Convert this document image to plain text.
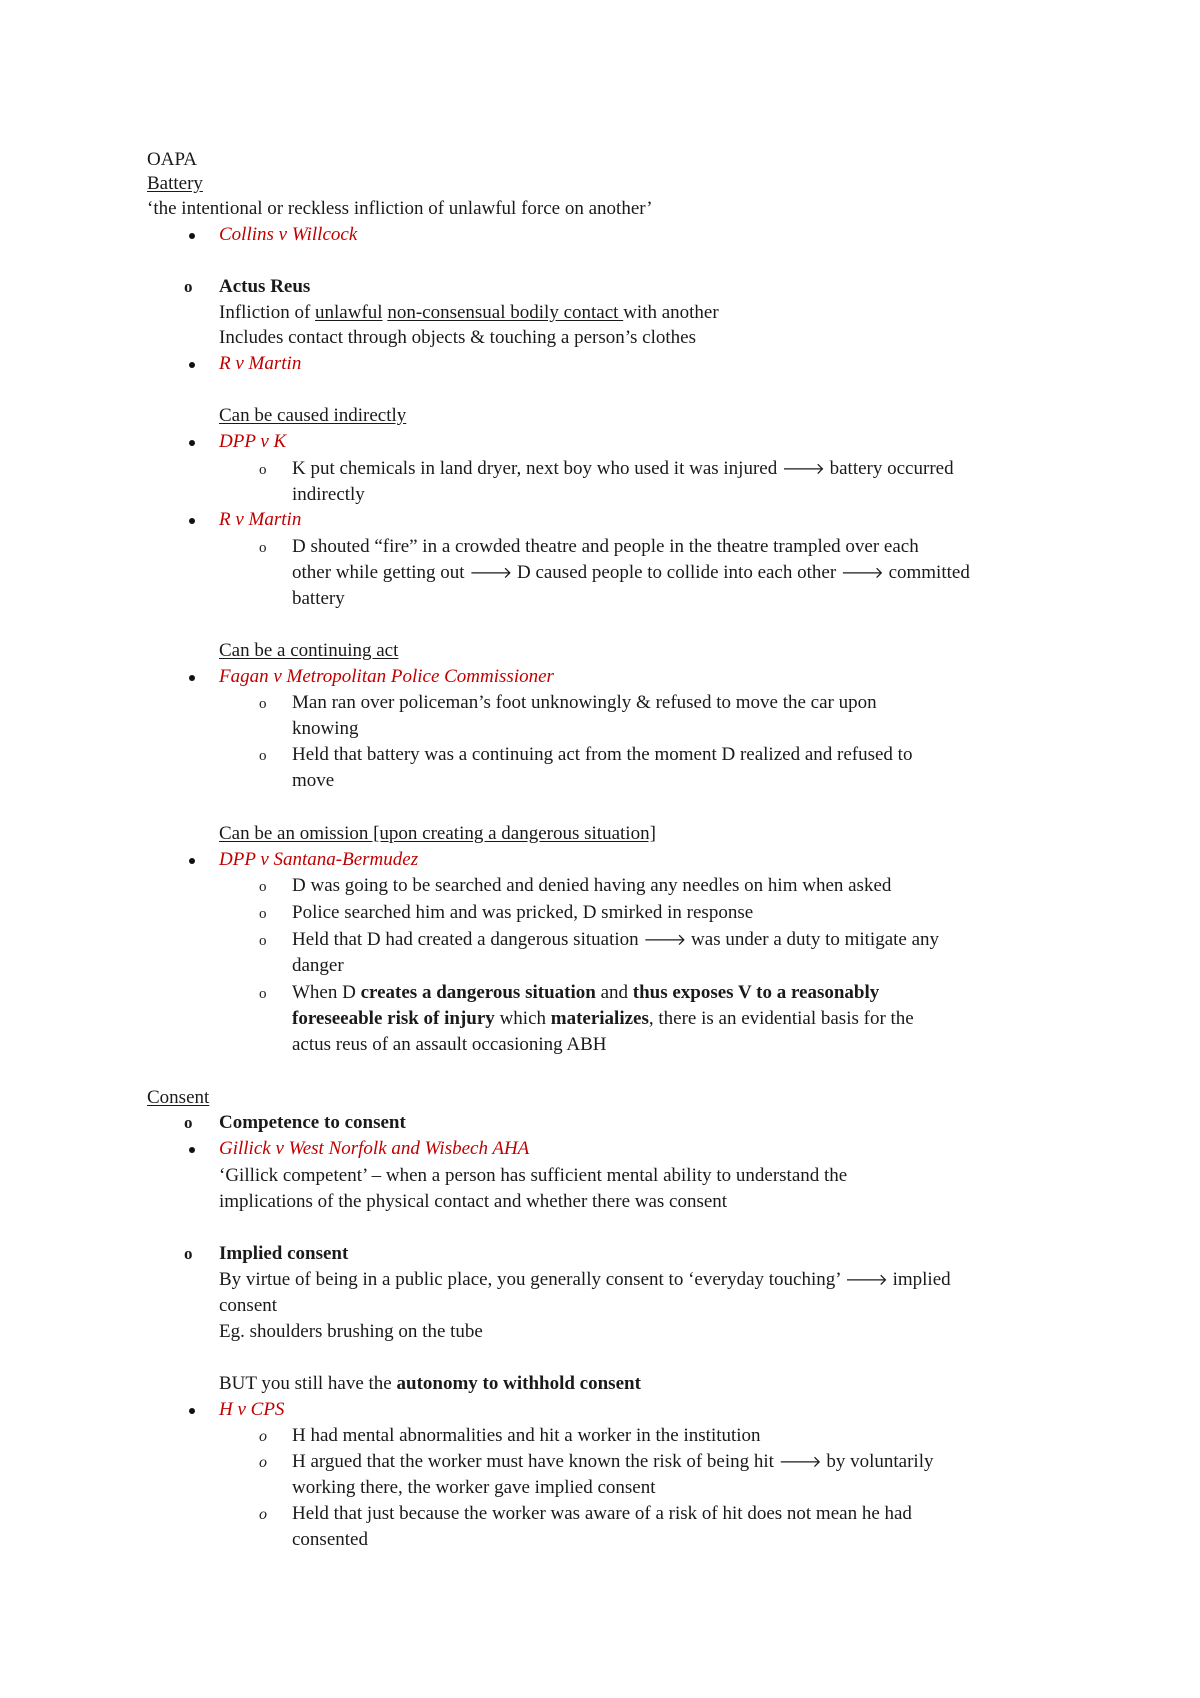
OAPA
Battery
‘the intentional or reckless infliction of unlawful force on another’
Collins v Willcock
o Actus Reus
Infliction of unlawful non-consensual bodily contact with another
Includes contact through objects & touching a person’s clothes
R v Martin
Can be caused indirectly
DPP v K
o K put chemicals in land dryer, next boy who used it was injured 🡒 battery occurred
indirectly
R v Martin
o D shouted “fire” in a crowded theatre and people in the theatre trampled over each
other while getting out 🡒 D caused people to collide into each other 🡒 committed
battery
Can be a continuing act
Fagan v Metropolitan Police Commissioner
o Man ran over policeman’s foot unknowingly & refused to move the car upon
knowing
o Held that battery was a continuing act from the moment D realized and refused to
move
Can be an omission [upon creating a dangerous situation]
DPP v Santana-Bermudez
o D was going to be searched and denied having any needles on him when asked
o Police searched him and was pricked, D smirked in response
o Held that D had created a dangerous situation 🡒 was under a duty to mitigate any
danger
o When D creates a dangerous situation and thus exposes V to a reasonably
foreseeable risk of injury which materializes, there is an evidential basis for the
actus reus of an assault occasioning ABH
Consent
o Competence to consent
Gillick v West Norfolk and Wisbech AHA
‘Gillick competent’ – when a person has sufficient mental ability to understand the
implications of the physical contact and whether there was consent
o Implied consent
By virtue of being in a public place, you generally consent to ‘everyday touching’ 🡒 implied
consent
Eg. shoulders brushing on the tube
BUT you still have the autonomy to withhold consent
H v CPS
o H had mental abnormalities and hit a worker in the institution
o H argued that the worker must have known the risk of being hit 🡒 by voluntarily
working there, the worker gave implied consent
o Held that just because the worker was aware of a risk of hit does not mean he had
consented
